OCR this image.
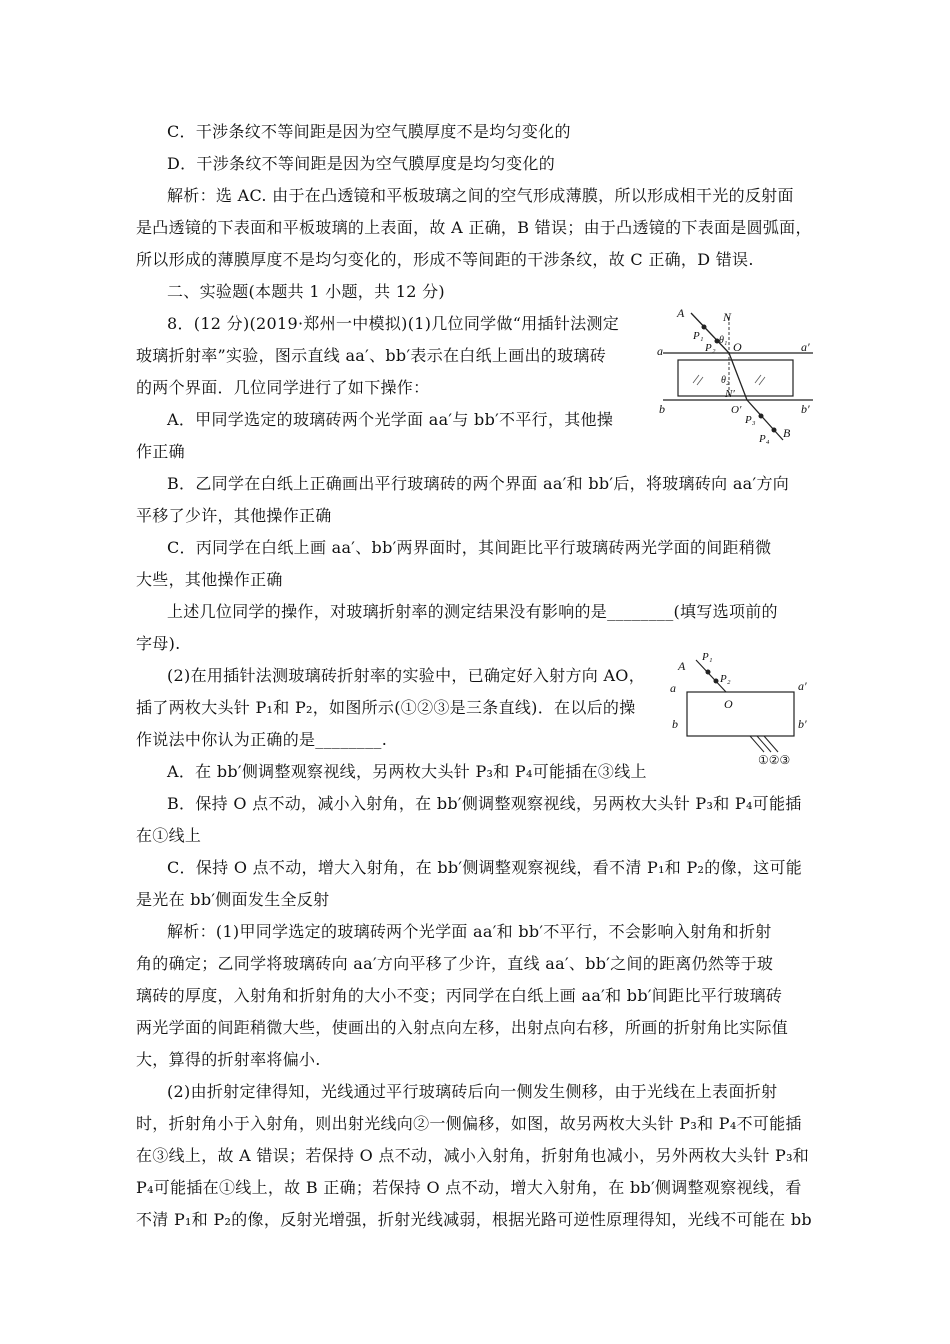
C．干涉条纹不等间距是因为空气膜厚度不是均匀变化的
D．干涉条纹不等间距是因为空气膜厚度是均匀变化的
解析：选 AC. 由于在凸透镜和平板玻璃之间的空气形成薄膜，所以形成相干光的反射面
是凸透镜的下表面和平板玻璃的上表面，故 A 正确，B 错误；由于凸透镜的下表面是圆弧面，
所以形成的薄膜厚度不是均匀变化的，形成不等间距的干涉条纹，故 C 正确，D 错误.
二、实验题(本题共 1 小题，共 12 分)
8．(12 分)(2019·郑州一中模拟)(1)几位同学做“用插针法测定
玻璃折射率”实验，图示直线 aa′、bb′表示在白纸上画出的玻璃砖
的两个界面．几位同学进行了如下操作：
A．甲同学选定的玻璃砖两个光学面 aa′与 bb′不平行，其他操
作正确
B．乙同学在白纸上正确画出平行玻璃砖的两个界面 aa′和 bb′后，将玻璃砖向 aa′方向
平移了少许，其他操作正确
C．丙同学在白纸上画 aa′、bb′两界面时，其间距比平行玻璃砖两光学面的间距稍微
大些，其他操作正确
上述几位同学的操作，对玻璃折射率的测定结果没有影响的是________(填写选项前的
字母).
(2)在用插针法测玻璃砖折射率的实验中，已确定好入射方向 AO，
插了两枚大头针 P₁和 P₂，如图所示(①②③是三条直线)．在以后的操
作说法中你认为正确的是________.
A．在 bb′侧调整观察视线，另两枚大头针 P₃和 P₄可能插在③线上
B．保持 O 点不动，减小入射角，在 bb′侧调整观察视线，另两枚大头针 P₃和 P₄可能插
在①线上
C．保持 O 点不动，增大入射角，在 bb′侧调整观察视线，看不清 P₁和 P₂的像，这可能
是光在 bb′侧面发生全反射
解析：(1)甲同学选定的玻璃砖两个光学面 aa′和 bb′不平行，不会影响入射角和折射
角的确定；乙同学将玻璃砖向 aa′方向平移了少许，直线 aa′、bb′之间的距离仍然等于玻
璃砖的厚度，入射角和折射角的大小不变；丙同学在白纸上画 aa′和 bb′间距比平行玻璃砖
两光学面的间距稍微大些，使画出的入射点向左移，出射点向右移，所画的折射角比实际值
大，算得的折射率将偏小.
(2)由折射定律得知，光线通过平行玻璃砖后向一侧发生侧移，由于光线在上表面折射
时，折射角小于入射角，则出射光线向②一侧偏移，如图，故另两枚大头针 P₃和 P₄不可能插
在③线上，故 A 错误；若保持 O 点不动，减小入射角，折射角也减小，另外两枚大头针 P₃和
P₄可能插在①线上，故 B 正确；若保持 O 点不动，增大入射角，在 bb′侧调整观察视线，看
不清 P₁和 P₂的像，反射光增强，折射光线减弱，根据光路可逆性原理得知，光线不可能在 bb
A	N
P₁
P₂
θ₁ O
a	a′
θ₂
N′
b	O′	b′
P₃
P₄ B
A
P₁
P₂
a	a′
O
b	b′
①②③
